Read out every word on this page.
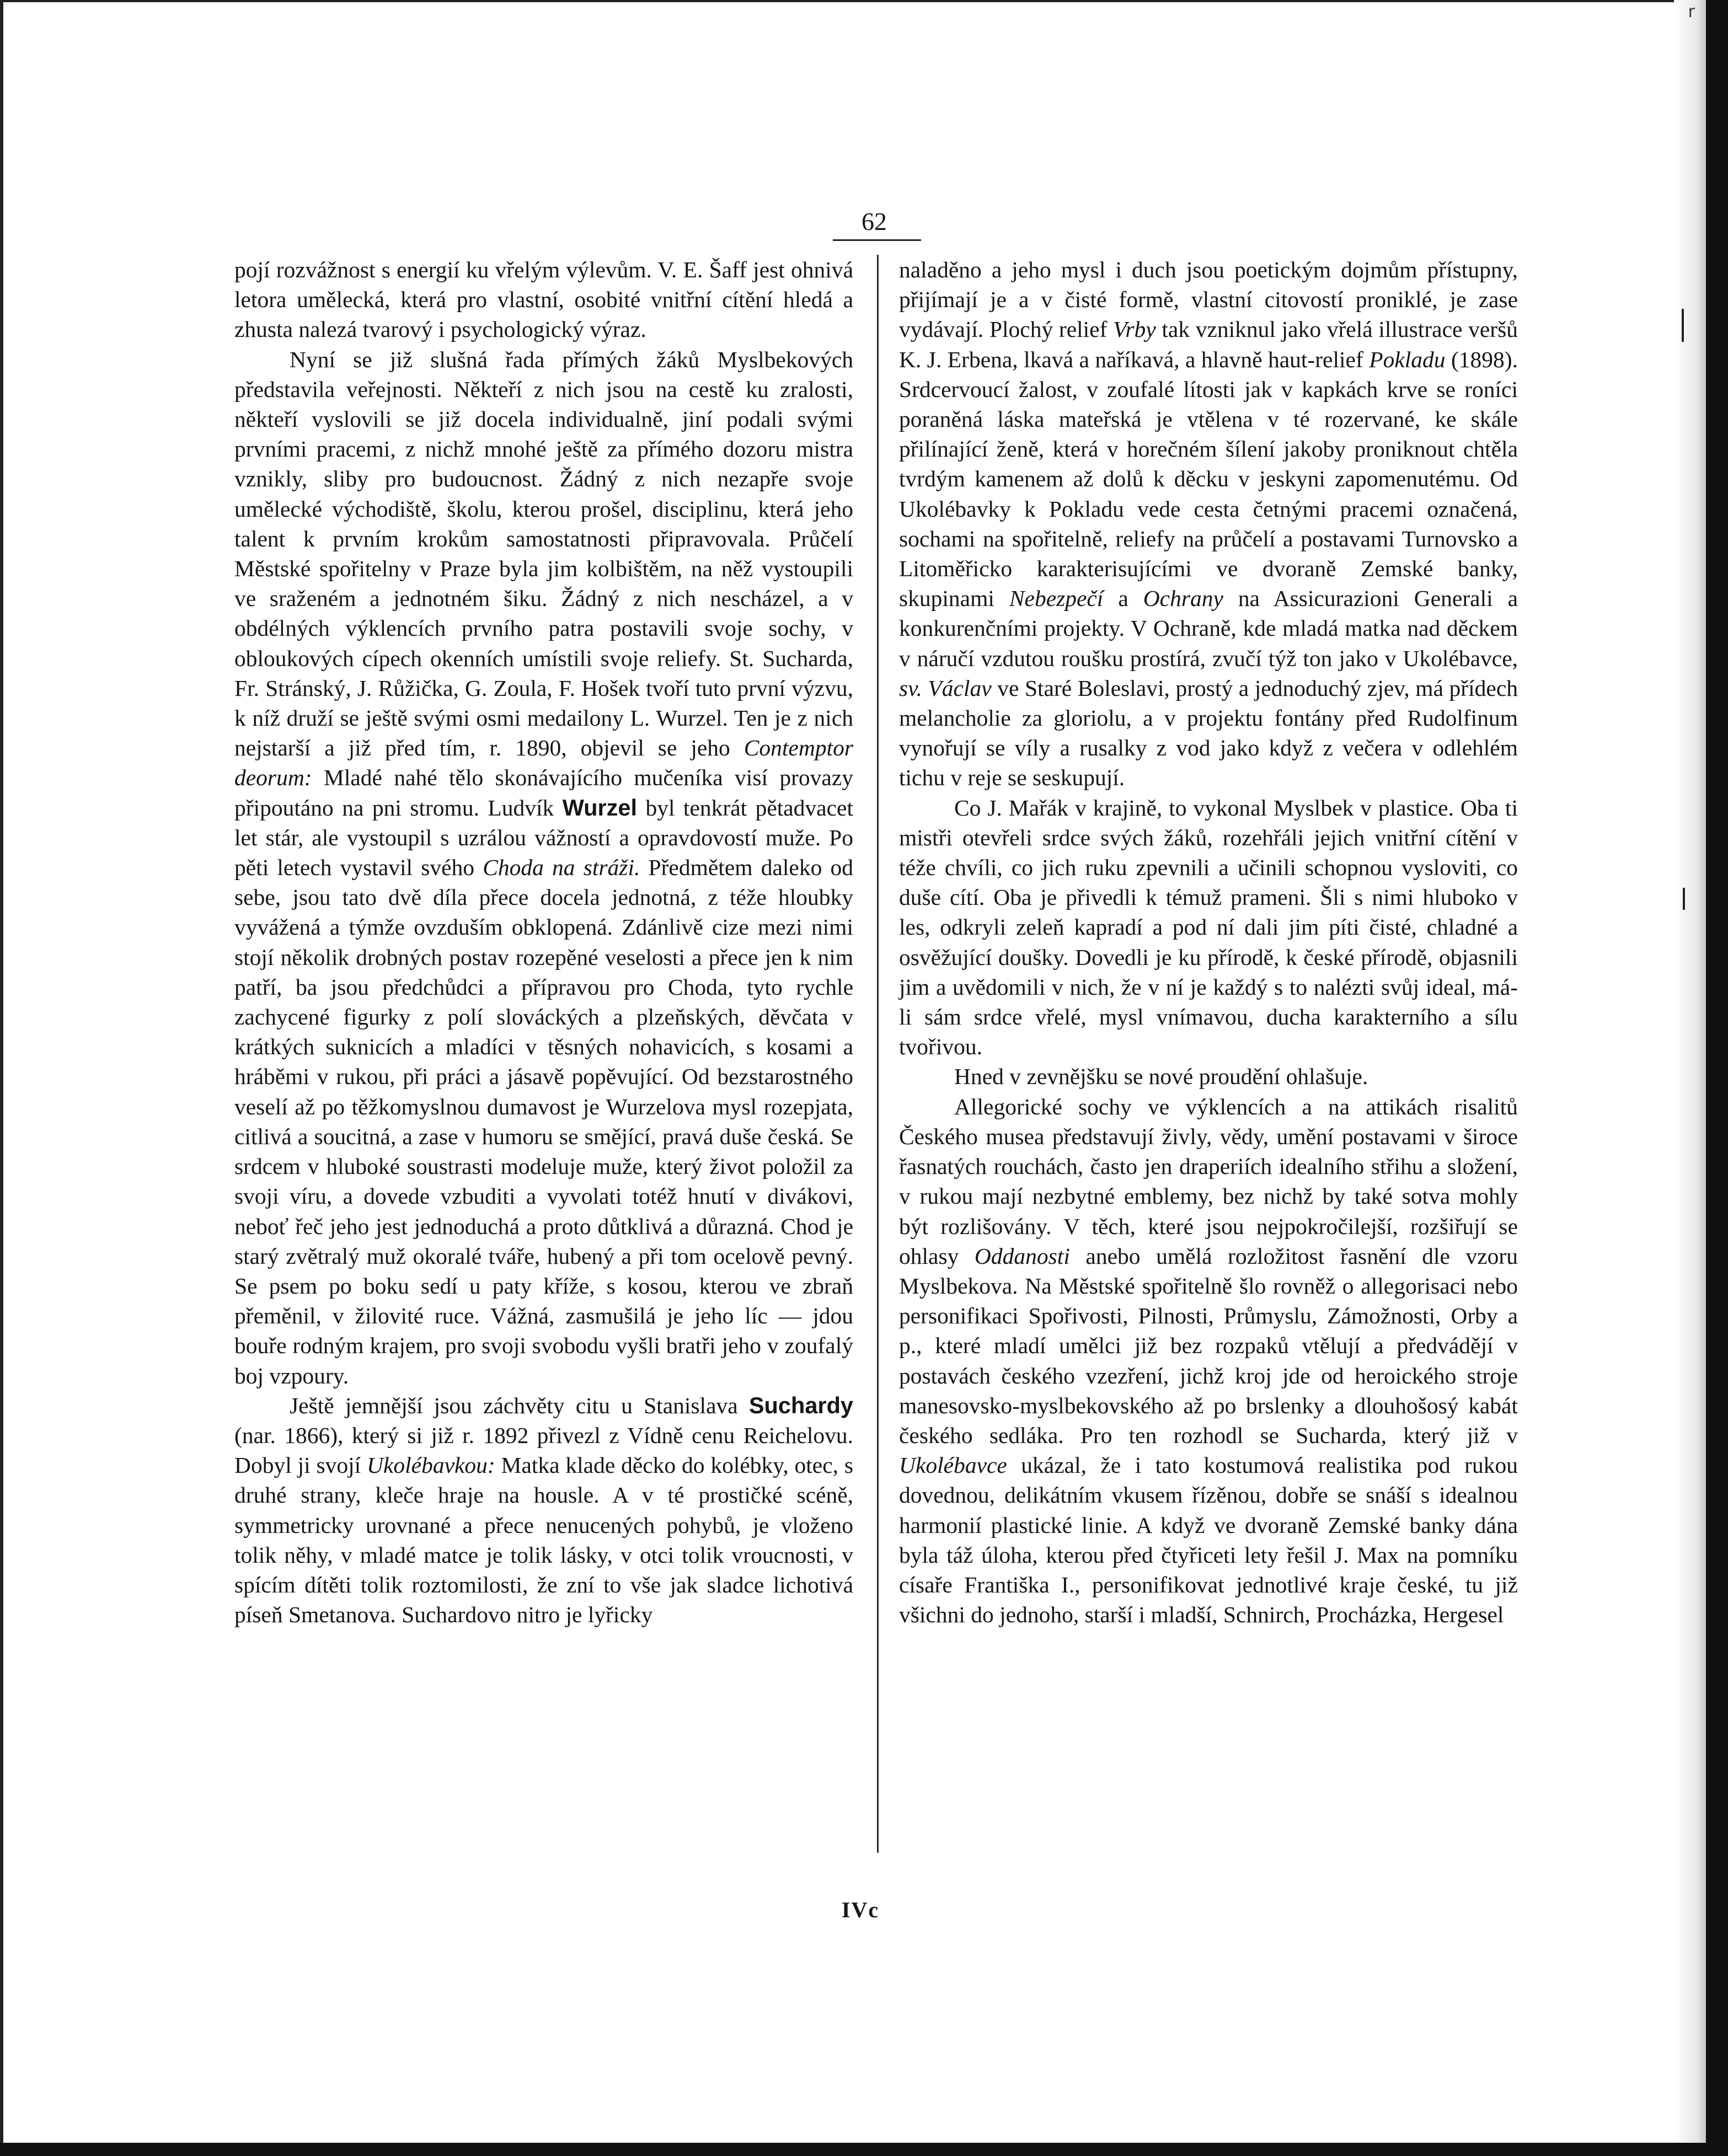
r
62

pojí rozvážnost s energií ku vřelým výlevům. V. E. Šaff jest ohnivá letora umělecká, která pro vlastní, osobité vnitřní cítění hledá a zhusta nalezá tvarový i psychologický výraz.

Nyní se již slušná řada přímých žáků Myslbekových představila veřejnosti. Někteří z nich jsou na cestě ku zralosti, někteří vyslovili se již docela individualně, jiní podali svými prvními pracemi, z nichž mnohé ještě za přímého dozoru mistra vznikly, sliby pro budoucnost. Žádný z nich nezapře svoje umělecké východiště, školu, kterou prošel, disciplinu, která jeho talent k prvním krokům samostatnosti připravovala. Průčelí Městské spořitelny v Praze byla jim kolbištěm, na něž vystoupili ve sraženém a jednotném šiku. Žádný z nich nescházel, a v obdélných výklencích prvního patra postavili svoje sochy, v obloukových cípech okenních umístili svoje reliefy. St. Sucharda, Fr. Stránský, J. Růžička, G. Zoula, F. Hošek tvoří tuto první výzvu, k níž druží se ještě svými osmi medailony L. Wurzel. Ten je z nich nejstarší a již před tím, r. 1890, objevil se jeho Contemptor deorum: Mladé nahé tělo skonávajícího mučeníka visí provazy připoutáno na pni stromu. Ludvík Wurzel byl tenkrát pětadvacet let stár, ale vystoupil s uzrálou vážností a opravdovostí muže. Po pěti letech vystavil svého Choda na stráži. Předmětem daleko od sebe, jsou tato dvě díla přece docela jednotná, z téže hloubky vyvážená a týmže ovzduším obklopená. Zdánlivě cize mezi nimi stojí několik drobných postav rozepěné veselosti a přece jen k nim patří, ba jsou předchůdci a přípravou pro Choda, tyto rychle zachycené figurky z polí slováckých a plzeňských, děvčata v krátkých suknicích a mladíci v těsných nohavicích, s kosami a hráběmi v rukou, při práci a jásavě popěvující. Od bezstarostného veselí až po těžkomyslnou dumavost je Wurzelova mysl rozepjata, citlivá a soucitná, a zase v humoru se smějící, pravá duše česká. Se srdcem v hluboké soustrasti modeluje muže, který život položil za svoji víru, a dovede vzbuditi a vyvolati totéž hnutí v divákovi, neboť řeč jeho jest jednoduchá a proto důtklivá a důrazná. Chod je starý zvětralý muž okoralé tváře, hubený a při tom ocelově pevný. Se psem po boku sedí u paty kříže, s kosou, kterou ve zbraň přeměnil, v žilovité ruce. Vážná, zasmušilá je jeho líc — jdou bouře rodným krajem, pro svoji svobodu vyšli bratři jeho v zoufalý boj vzpoury.

Ještě jemnější jsou záchvěty citu u Stanislava Suchardy (nar. 1866), který si již r. 1892 přivezl z Vídně cenu Reichelovu. Dobyl ji svojí Ukolébavkou: Matka klade děcko do kolébky, otec, s druhé strany, klečе hraje na housle. A v té prostičké scéně, symmetricky urovnané a přece nenucených pohybů, je vloženo tolik něhy, v mladé matce je tolik lásky, v otci tolik vroucnosti, v spícím dítěti tolik roztomilosti, že zní to vše jak sladce lichotivá píseň Smetanova. Suchardovo nitro je lyřicky

naladěno a jeho mysl i duch jsou poetickým dojmům přístupny, přijímají je a v čisté formě, vlastní citovostí proniklé, je zase vydávají. Plochý relief Vrby tak vzniknul jako vřelá illustrace veršů K. J. Erbena, lkavá a naříkavá, a hlavně haut-relief Pokladu (1898). Srdcervoucí žalost, v zoufalé lítosti jak v kapkách krve se roníci poraněná láska mateřská je vtělena v té rozervané, ke skále přilínající ženě, která v horečném šílení jakoby proniknout chtěla tvrdým kamenem až dolů k děcku v jeskyni zapomenutému. Od Ukolébavky k Pokladu vede cesta četnými pracemi označená, sochami na spořitelně, reliefy na průčelí a postavami Turnovsko a Litoměřicko karakterisujícími ve dvoraně Zemské banky, skupinami Nebezpečí a Ochrany na Assicurazioni Generali a konkurenčními projekty. V Ochraně, kde mladá matka nad děckem v náručí vzdutou roušku prostírá, zvučí týž ton jako v Ukolébavce, sv. Václav ve Staré Boleslavi, prostý a jednoduchý zjev, má přídech melancholie za gloriolu, a v projektu fontány před Rudolfinum vynořují se víly a rusalky z vod jako když z večera v odlehlém tichu v reje se seskupují.

Co J. Mařák v krajině, to vykonal Myslbek v plastice. Oba ti mistři otevřeli srdce svých žáků, rozehřáli jejich vnitřní cítění v téže chvíli, co jich ruku zpevnili a učinili schopnou vysloviti, co duše cítí. Oba je přivedli k témuž prameni. Šli s nimi hluboko v les, odkryli zeleň kapradí a pod ní dali jim píti čisté, chladné a osvěžující doušky. Dovedli je ku přírodě, k české přírodě, objasnili jim a uvědomili v nich, že v ní je každý s to nalézti svůj ideal, má-li sám srdce vřelé, mysl vnímavou, ducha karakterního a sílu tvořivou.

Hned v zevnějšku se nové proudění ohlašuje.

Allegorické sochy ve výklencích a na attikách risalitů Českého musea představují živly, vědy, umění postavami v široce řasnatých rouchách, často jen draperiích idealního střihu a složení, v rukou mají nezbytné emblemy, bez nichž by také sotva mohly být rozlišovány. V těch, které jsou nejpokročilejší, rozšiřují se ohlasy Oddanosti anebo umělá rozložitost řasnění dle vzoru Myslbekova. Na Městské spořitelně šlo rovněž o allegorisaci nebo personifikaci Spořivosti, Pilnosti, Průmyslu, Zámožnosti, Orby a p., které mladí umělci již bez rozpaků vtělují a předvádějí v postavách českého vzezření, jichž kroj jde od heroického stroje manesovsko-myslbekovského až po brslenky a dlouhošosý kabát českého sedláka. Pro ten rozhodl se Sucharda, který již v Ukolébavce ukázal, že i tato kostumová realistika pod rukou dovednou, delikátním vkusem řízěnou, dobře se snáší s idealnou harmonií plastické linie. A když ve dvoraně Zemské banky dána byla táž úloha, kterou před čtyřiceti lety řešil J. Max na pomníku císaře Františka I., personifikovat jednotlivé kraje české, tu již všichni do jednoho, starší i mladší, Schnirch, Procházka, Hergesel

IVc
